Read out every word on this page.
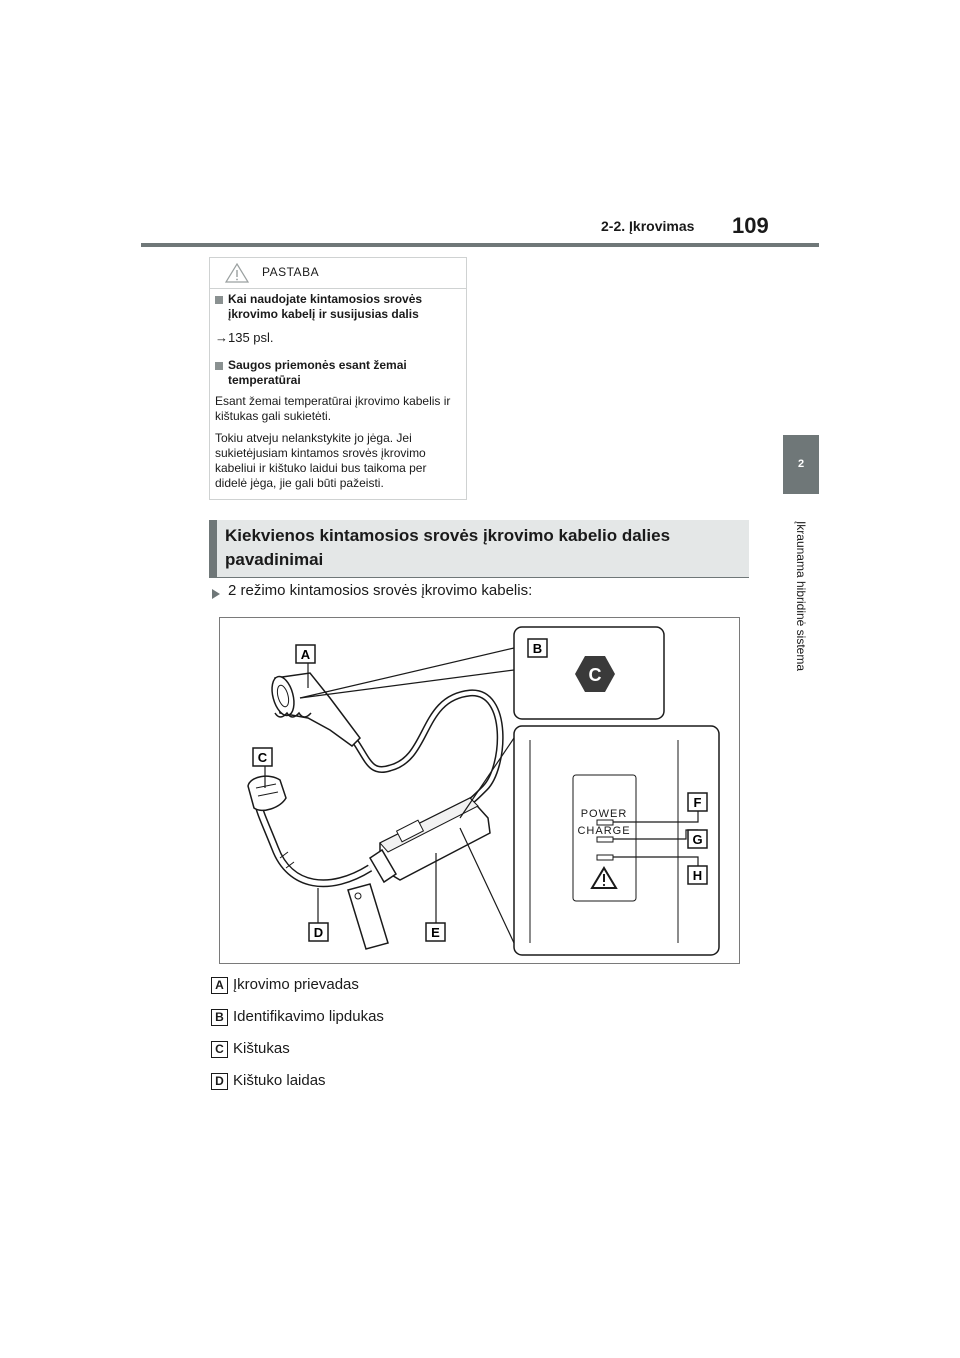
2-2. Įkrovimas 109
2
Įkraunama hibridinė sistema
PASTABA
Kai naudojate kintamosios srovės įkrovimo kabelį ir susijusias dalis
→135 psl.
Saugos priemonės esant žemai temperatūrai
Esant žemai temperatūrai įkrovimo kabelis ir kištukas gali sukietėti.
Tokiu atveju nelankstykite jo jėga. Jei sukietėjusiam kintamos srovės įkrovimo kabeliui ir kištuko laidui bus taikoma per didelė jėga, jie gali būti pažeisti.
Kiekvienos kintamosios srovės įkrovimo kabelio dalies pavadinimai
2 režimo kintamosios srovės įkrovimo kabelis:
C
POWER
CHARGE
A	B
C
D	E
F
G
H
A Įkrovimo prievadas
B Identifikavimo lipdukas
C Kištukas
D Kištuko laidas
